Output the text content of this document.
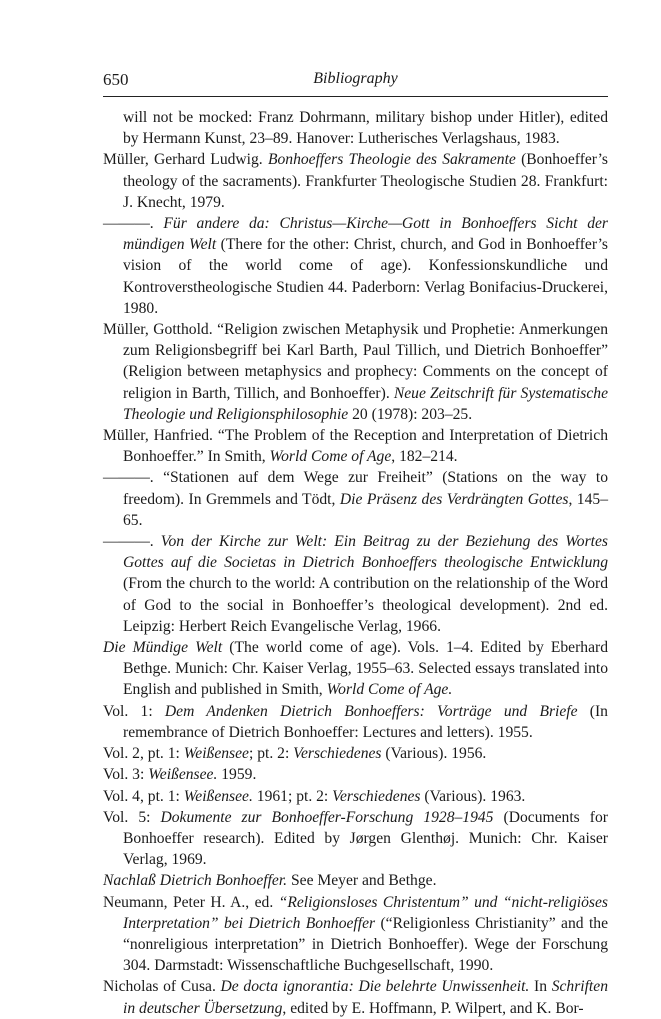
650	Bibliography

will not be mocked: Franz Dohrmann, military bishop under Hitler), edited by Hermann Kunst, 23–89. Hanover: Lutherisches Verlagshaus, 1983.

Müller, Gerhard Ludwig. Bonhoeffers Theologie des Sakramente (Bonhoeffer’s theology of the sacraments). Frankfurter Theologische Studien 28. Frankfurt: J. Knecht, 1979.

———. Für andere da: Christus—Kirche—Gott in Bonhoeffers Sicht der mündigen Welt (There for the other: Christ, church, and God in Bonhoeffer’s vision of the world come of age). Konfessionskundliche und Kontroverstheologische Studien 44. Paderborn: Verlag Bonifacius-Druckerei, 1980.

Müller, Gotthold. “Religion zwischen Metaphysik und Prophetie: Anmerkungen zum Religionsbegriff bei Karl Barth, Paul Tillich, und Dietrich Bonhoeffer” (Religion between metaphysics and prophecy: Comments on the concept of religion in Barth, Tillich, and Bonhoeffer). Neue Zeitschrift für Systematische Theologie und Religionsphilosophie 20 (1978): 203–25.

Müller, Hanfried. “The Problem of the Reception and Interpretation of Dietrich Bonhoeffer.” In Smith, World Come of Age, 182–214.

———. “Stationen auf dem Wege zur Freiheit” (Stations on the way to freedom). In Gremmels and Tödt, Die Präsenz des Verdrängten Gottes, 145–65.

———. Von der Kirche zur Welt: Ein Beitrag zu der Beziehung des Wortes Gottes auf die Societas in Dietrich Bonhoeffers theologische Entwicklung (From the church to the world: A contribution on the relationship of the Word of God to the social in Bonhoeffer’s theological development). 2nd ed. Leipzig: Herbert Reich Evangelische Verlag, 1966.

Die Mündige Welt (The world come of age). Vols. 1–4. Edited by Eberhard Bethge. Munich: Chr. Kaiser Verlag, 1955–63. Selected essays translated into English and published in Smith, World Come of Age.

Vol. 1: Dem Andenken Dietrich Bonhoeffers: Vorträge und Briefe (In remembrance of Dietrich Bonhoeffer: Lectures and letters). 1955.

Vol. 2, pt. 1: Weißensee; pt. 2: Verschiedenes (Various). 1956.

Vol. 3: Weißensee. 1959.

Vol. 4, pt. 1: Weißensee. 1961; pt. 2: Verschiedenes (Various). 1963.

Vol. 5: Dokumente zur Bonhoeffer-Forschung 1928–1945 (Documents for Bonhoeffer research). Edited by Jørgen Glenthøj. Munich: Chr. Kaiser Verlag, 1969.

Nachlaß Dietrich Bonhoeffer. See Meyer and Bethge.

Neumann, Peter H. A., ed. “Religionsloses Christentum” und “nicht-religiöses Interpretation” bei Dietrich Bonhoeffer (“Religionless Christianity” and the “nonreligious interpretation” in Dietrich Bonhoeffer). Wege der Forschung 304. Darmstadt: Wissenschaftliche Buchgesellschaft, 1990.

Nicholas of Cusa. De docta ignorantia: Die belehrte Unwissenheit. In Schriften in deutscher Übersetzung, edited by E. Hoffmann, P. Wilpert, and K. Bor-
